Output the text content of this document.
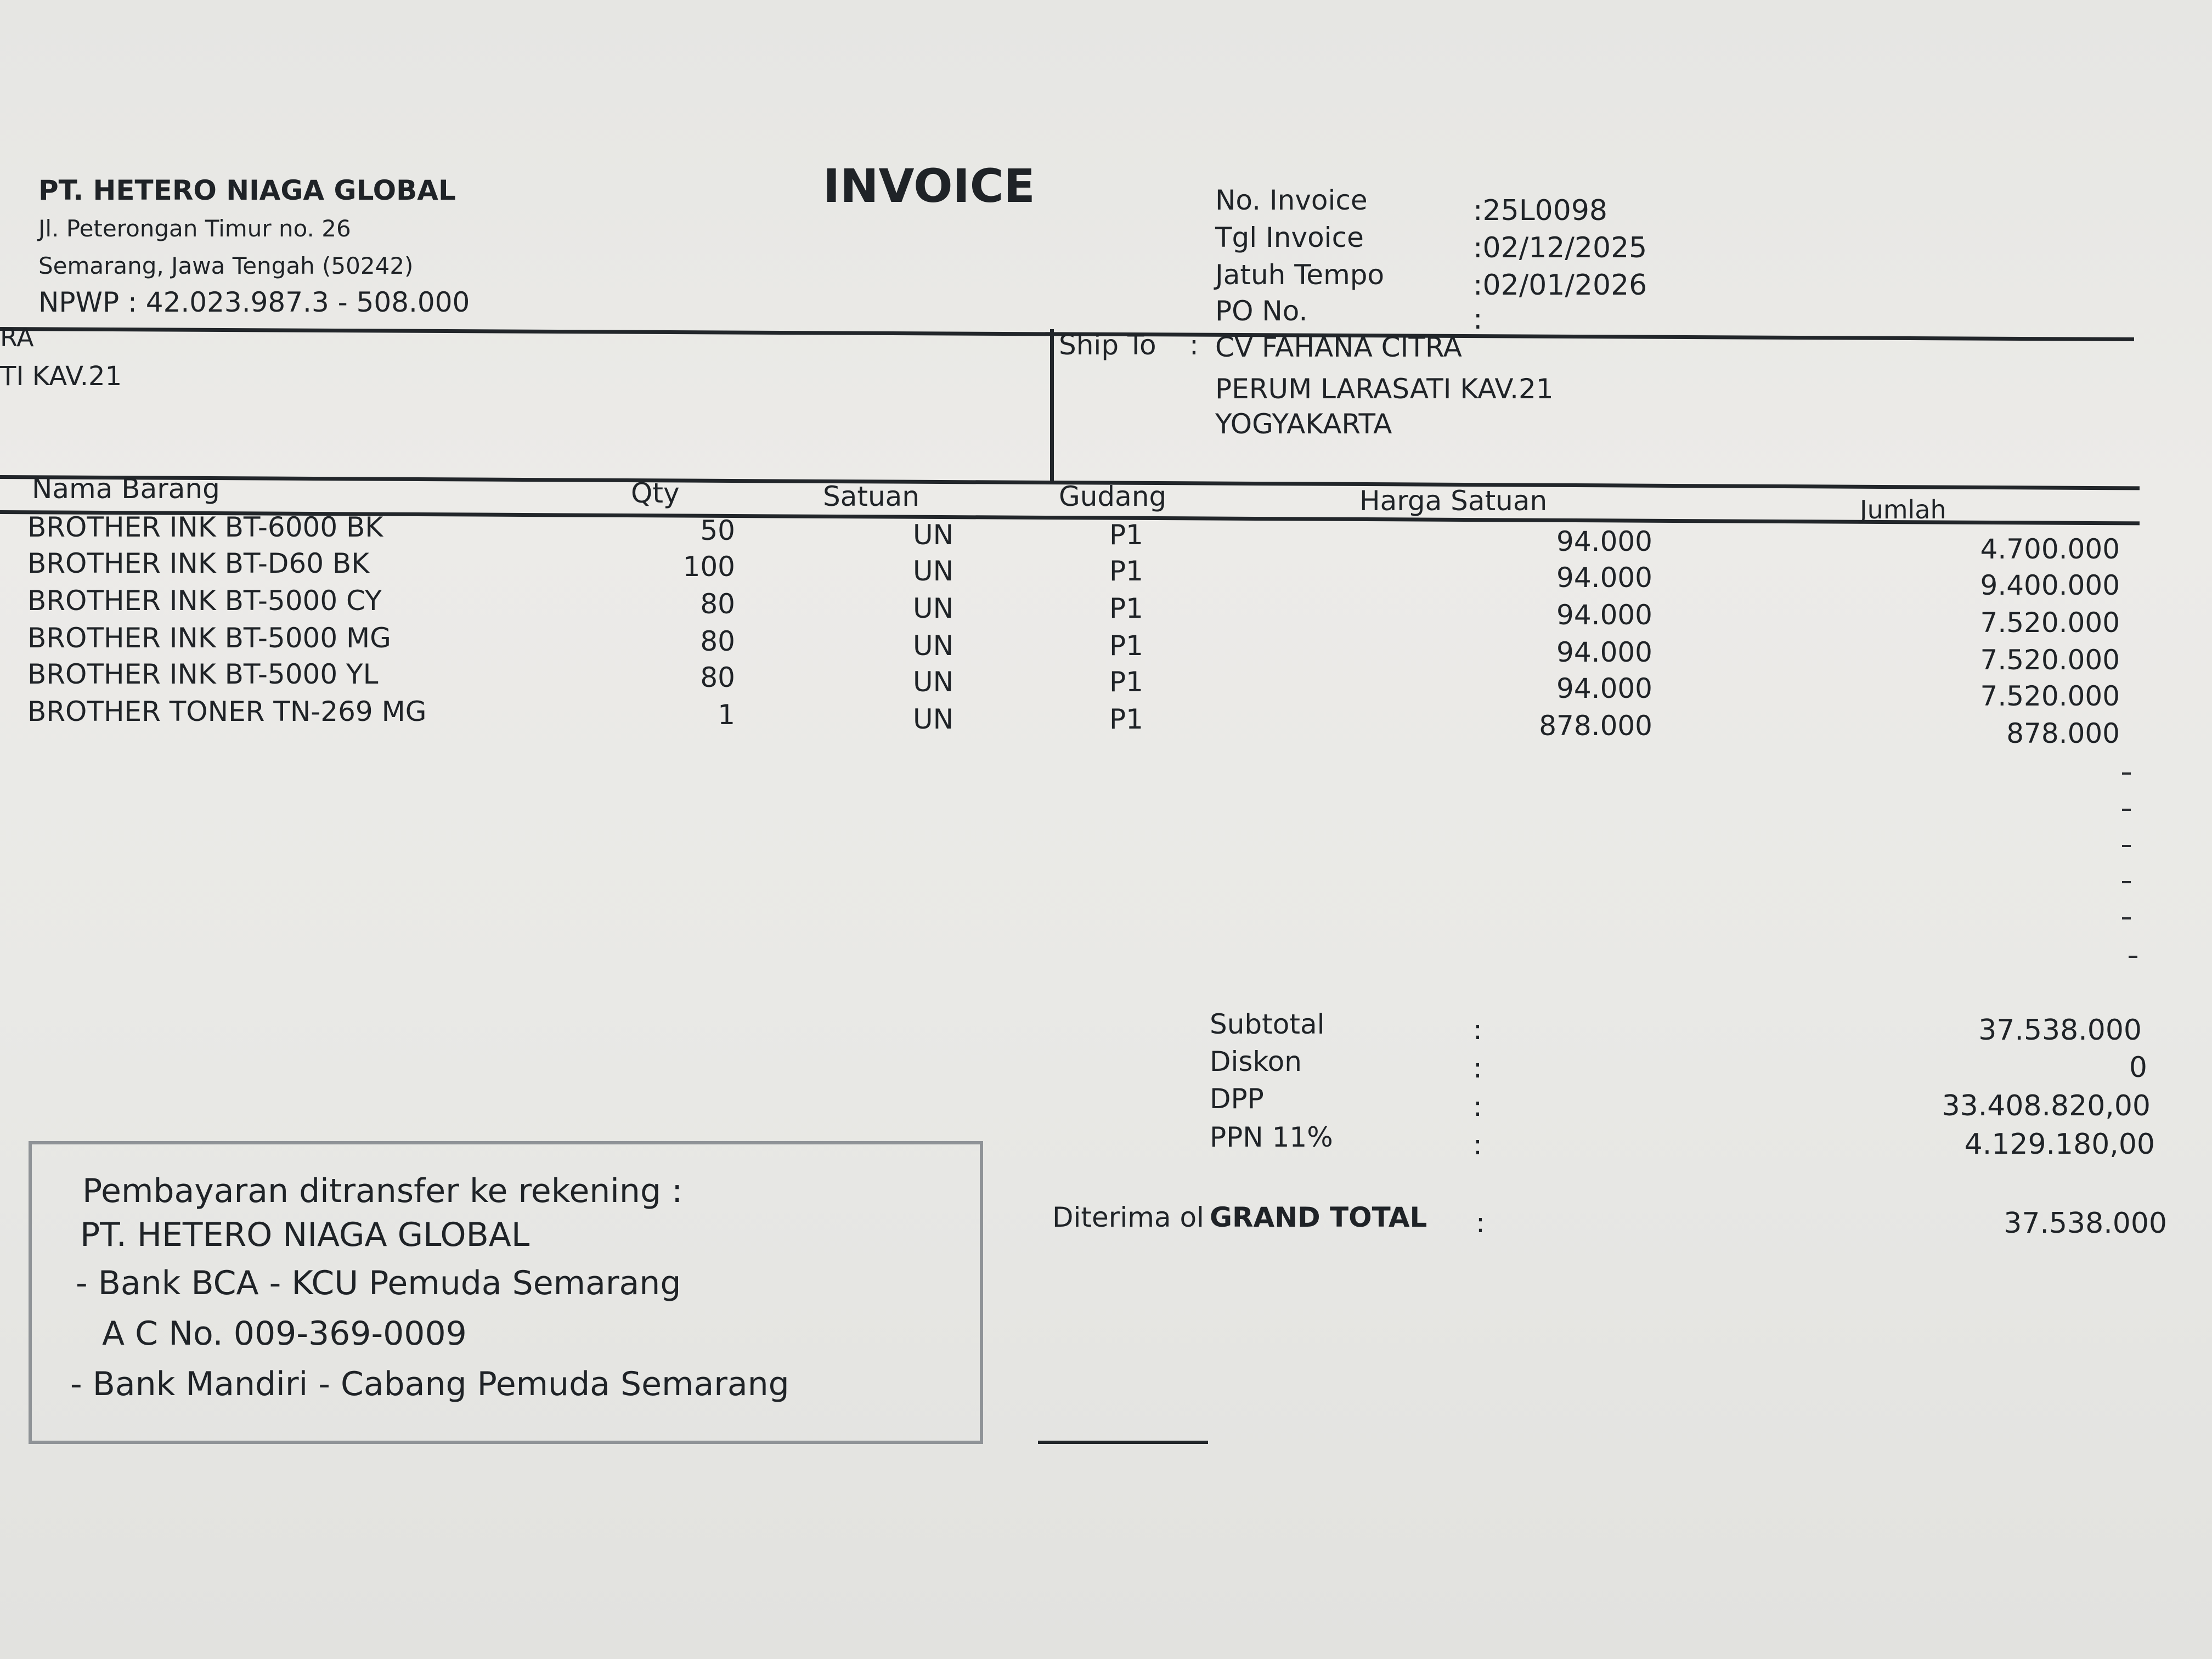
PT. HETERO NIAGA GLOBAL
Jl. Peterongan Timur no. 26
Semarang, Jawa Tengah (50242)
NPWP : 42.023.987.3 - 508.000
INVOICE	No. Invoice	:25L0098
Tgl Invoice	:02/12/2025
Jatuh Tempo	:02/01/2026
PO No.	:
RA
TI KAV.21
Ship To : CV FAHANA CITRA
PERUM LARASATI KAV.21
YOGYAKARTA
Nama Barang	Qty	Satuan	Gudang	Harga Satuan	Jumlah
BROTHER INK BT-6000 BK	50	UN	P1	94.000	4.700.000
BROTHER INK BT-D60 BK	100	UN	P1	94.000	9.400.000
BROTHER INK BT-5000 CY	80	UN	P1	94.000	7.520.000
BROTHER INK BT-5000 MG	80	UN	P1	94.000	7.520.000
BROTHER INK BT-5000 YL	80	UN	P1	94.000	7.520.000
BROTHER TONER TN-269 MG	1	UN	P1	878.000	878.000
Subtotal	:	37.538.000
Diskon	:	0
DPP	:	33.408.820,00
PPN 11%	:	4.129.180,00
Diterima ol GRAND TOTAL :	37.538.000
Pembayaran ditransfer ke rekening :
PT. HETERO NIAGA GLOBAL
- Bank BCA - KCU Pemuda Semarang
A C No. 009-369-0009
- Bank Mandiri - Cabang Pemuda Semarang
